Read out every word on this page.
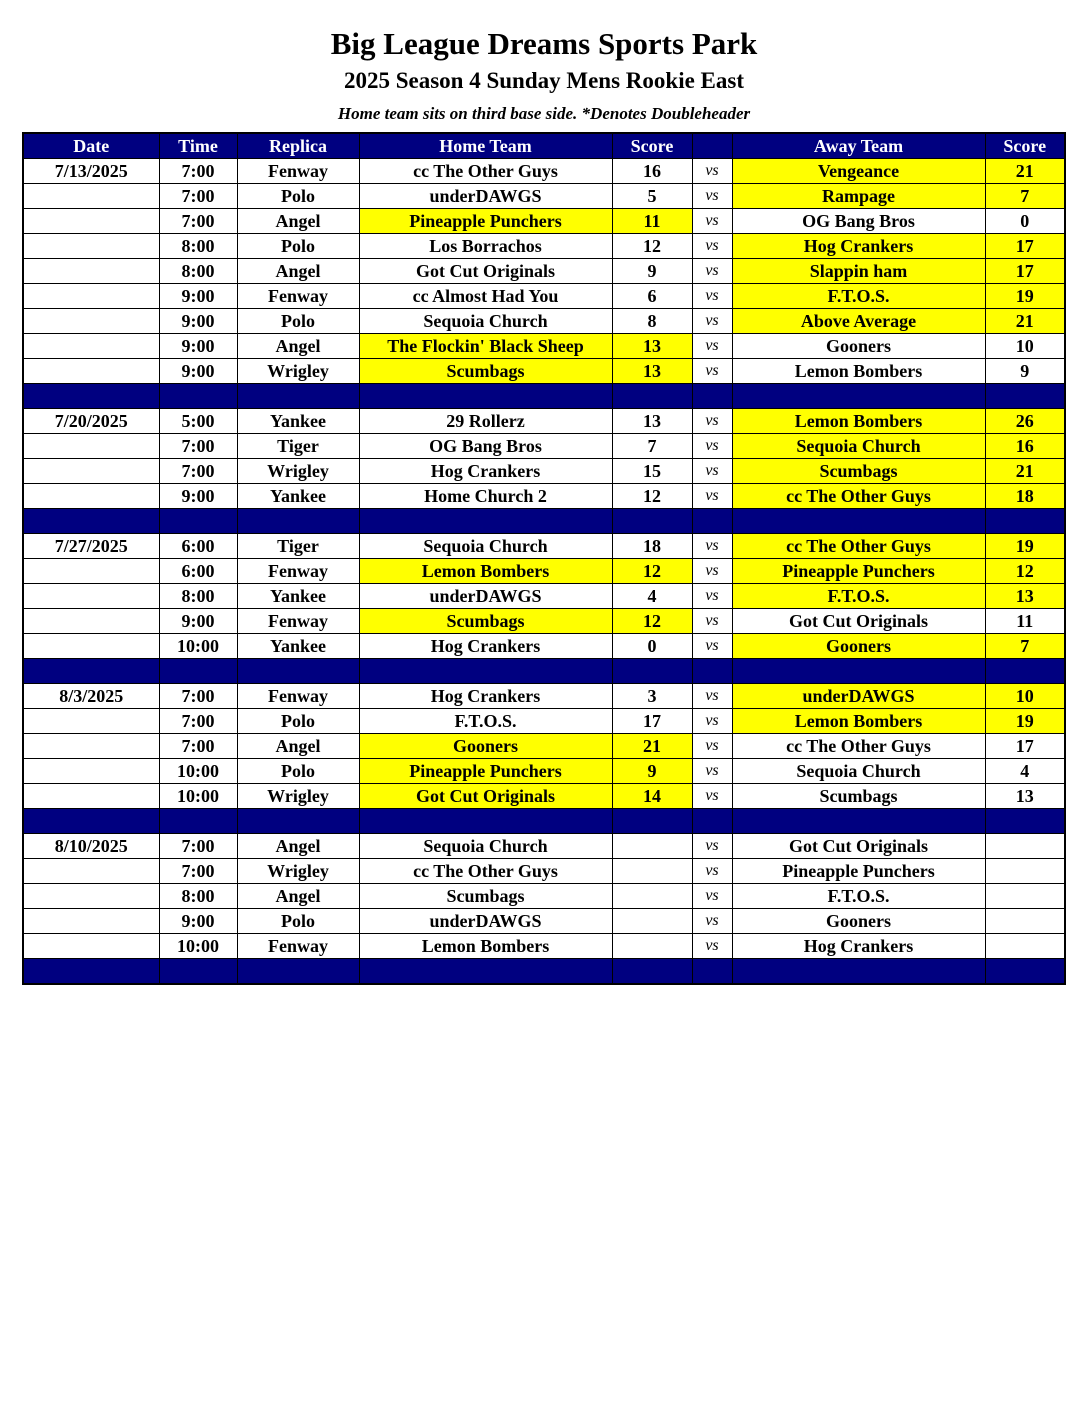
Big League Dreams Sports Park
2025 Season 4 Sunday Mens Rookie East
Home team sits on third base side. *Denotes Doubleheader
Date	Time	Replica	Home Team	Score		Away Team	Score
7/13/2025	7:00	Fenway	cc The Other Guys	16	vs	Vengeance	21
	7:00	Polo	underDAWGS	5	vs	Rampage	7
	7:00	Angel	Pineapple Punchers	11	vs	OG Bang Bros	0
	8:00	Polo	Los Borrachos	12	vs	Hog Crankers	17
	8:00	Angel	Got Cut Originals	9	vs	Slappin ham	17
	9:00	Fenway	cc Almost Had You	6	vs	F.T.O.S.	19
	9:00	Polo	Sequoia Church	8	vs	Above Average	21
	9:00	Angel	The Flockin' Black Sheep	13	vs	Gooners	10
	9:00	Wrigley	Scumbags	13	vs	Lemon Bombers	9

7/20/2025	5:00	Yankee	29 Rollerz	13	vs	Lemon Bombers	26
	7:00	Tiger	OG Bang Bros	7	vs	Sequoia Church	16
	7:00	Wrigley	Hog Crankers	15	vs	Scumbags	21
	9:00	Yankee	Home Church 2	12	vs	cc The Other Guys	18

7/27/2025	6:00	Tiger	Sequoia Church	18	vs	cc The Other Guys	19
	6:00	Fenway	Lemon Bombers	12	vs	Pineapple Punchers	12
	8:00	Yankee	underDAWGS	4	vs	F.T.O.S.	13
	9:00	Fenway	Scumbags	12	vs	Got Cut Originals	11
	10:00	Yankee	Hog Crankers	0	vs	Gooners	7

8/3/2025	7:00	Fenway	Hog Crankers	3	vs	underDAWGS	10
	7:00	Polo	F.T.O.S.	17	vs	Lemon Bombers	19
	7:00	Angel	Gooners	21	vs	cc The Other Guys	17
	10:00	Polo	Pineapple Punchers	9	vs	Sequoia Church	4
	10:00	Wrigley	Got Cut Originals	14	vs	Scumbags	13

8/10/2025	7:00	Angel	Sequoia Church		vs	Got Cut Originals	
	7:00	Wrigley	cc The Other Guys		vs	Pineapple Punchers	
	8:00	Angel	Scumbags		vs	F.T.O.S.	
	9:00	Polo	underDAWGS		vs	Gooners	
	10:00	Fenway	Lemon Bombers		vs	Hog Crankers	
